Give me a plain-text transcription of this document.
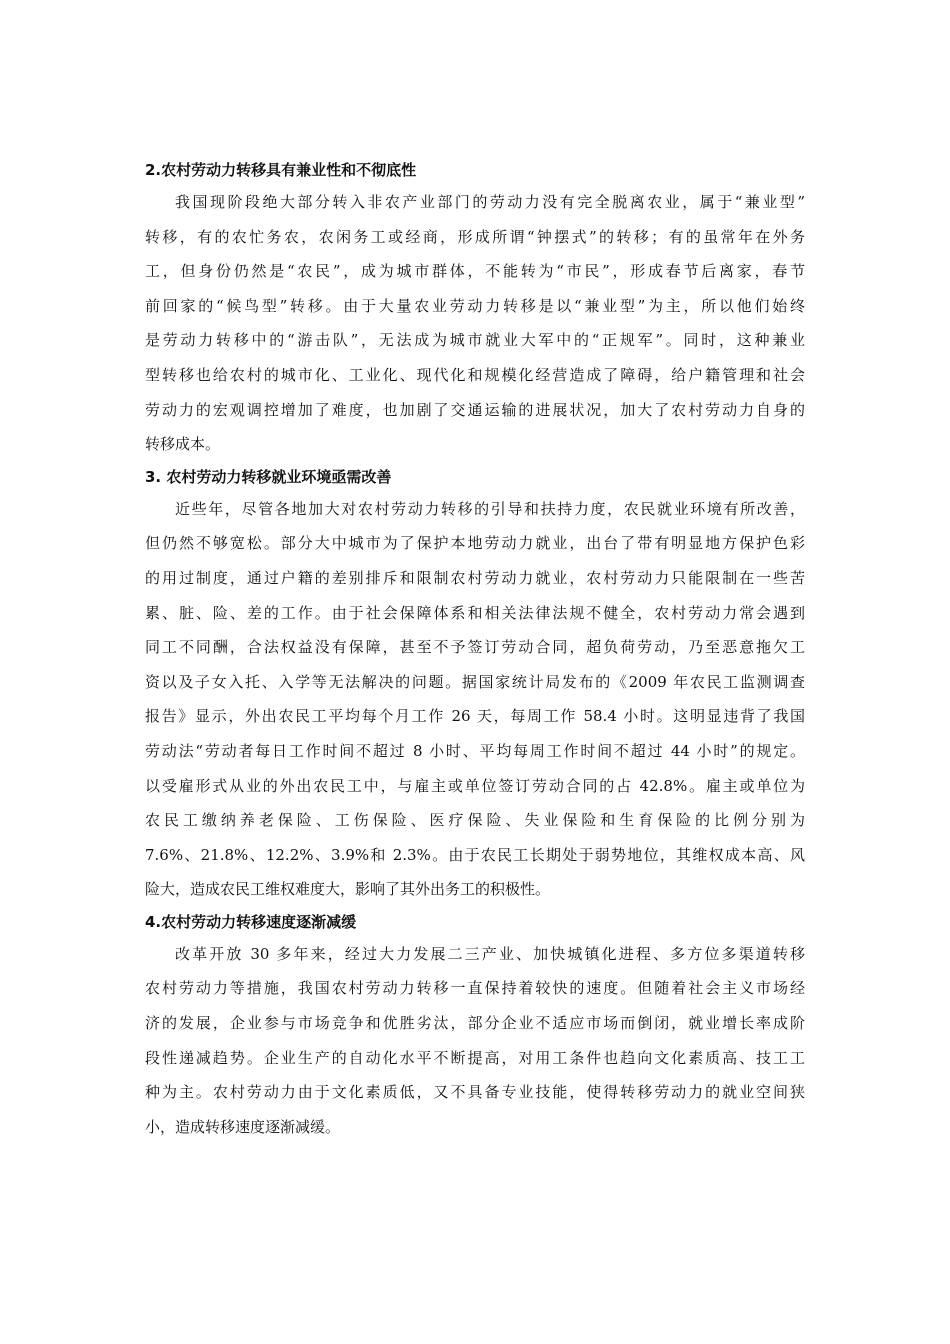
2.农村劳动力转移具有兼业性和不彻底性
我国现阶段绝大部分转入非农产业部门的劳动力没有完全脱离农业，属于“兼业型”
转移，有的农忙务农，农闲务工或经商，形成所谓“钟摆式”的转移；有的虽常年在外务
工，但身份仍然是“农民”，成为城市群体，不能转为“市民”，形成春节后离家，春节
前回家的“候鸟型”转移。由于大量农业劳动力转移是以“兼业型”为主，所以他们始终
是劳动力转移中的“游击队”，无法成为城市就业大军中的“正规军”。同时，这种兼业
型转移也给农村的城市化、工业化、现代化和规模化经营造成了障碍，给户籍管理和社会
劳动力的宏观调控增加了难度，也加剧了交通运输的进展状况，加大了农村劳动力自身的
转移成本。
3. 农村劳动力转移就业环境亟需改善
近些年，尽管各地加大对农村劳动力转移的引导和扶持力度，农民就业环境有所改善，
但仍然不够宽松。部分大中城市为了保护本地劳动力就业，出台了带有明显地方保护色彩
的用过制度，通过户籍的差别排斥和限制农村劳动力就业，农村劳动力只能限制在一些苦
累、脏、险、差的工作。由于社会保障体系和相关法律法规不健全，农村劳动力常会遇到
同工不同酬，合法权益没有保障，甚至不予签订劳动合同，超负荷劳动，乃至恶意拖欠工
资以及子女入托、入学等无法解决的问题。据国家统计局发布的《2009 年农民工监测调查
报告》显示，外出农民工平均每个月工作 26 天，每周工作 58.4 小时。这明显违背了我国
劳动法“劳动者每日工作时间不超过 8 小时、平均每周工作时间不超过 44 小时”的规定。
以受雇形式从业的外出农民工中，与雇主或单位签订劳动合同的占 42.8%。雇主或单位为
农民工缴纳养老保险、工伤保险、医疗保险、失业保险和生育保险的比例分别为
7.6%、21.8%、12.2%、3.9%和 2.3%。由于农民工长期处于弱势地位，其维权成本高、风
险大，造成农民工维权难度大，影响了其外出务工的积极性。
4.农村劳动力转移速度逐渐减缓
改革开放 30 多年来，经过大力发展二三产业、加快城镇化进程、多方位多渠道转移
农村劳动力等措施，我国农村劳动力转移一直保持着较快的速度。但随着社会主义市场经
济的发展，企业参与市场竞争和优胜劣汰，部分企业不适应市场而倒闭，就业增长率成阶
段性递减趋势。企业生产的自动化水平不断提高，对用工条件也趋向文化素质高、技工工
种为主。农村劳动力由于文化素质低，又不具备专业技能，使得转移劳动力的就业空间狭
小，造成转移速度逐渐减缓。
